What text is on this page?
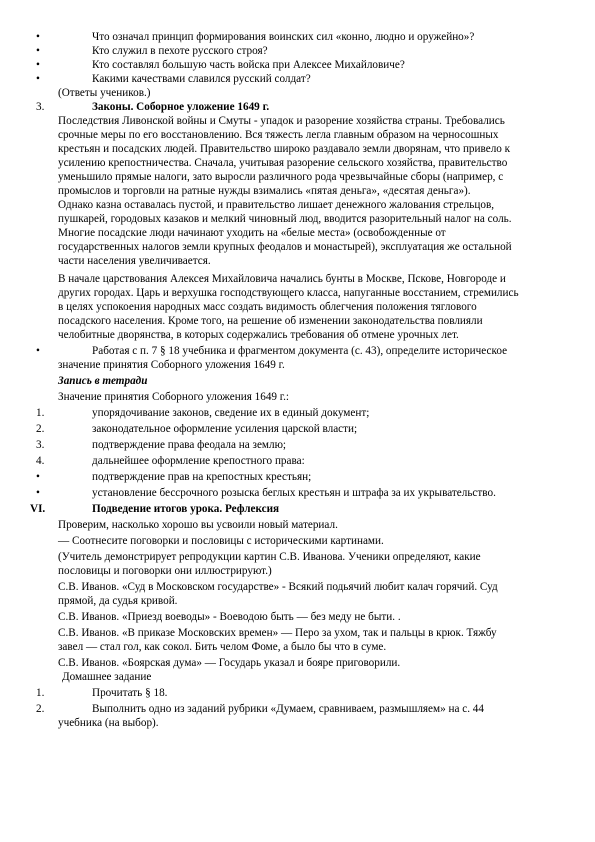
•	Что означал принцип формирования воинских сил «конно, людно и оружейно»?
•	Кто служил в пехоте русского строя?
•	Кто составлял большую часть войска при Алексее Михайловиче?
•	Какими качествами славился русский солдат?
(Ответы учеников.)
3.	Законы. Соборное уложение 1649 г.
Последствия Ливонской войны и Смуты - упадок и разорение хозяйства страны. Требовались
срочные меры по его восстановлению. Вся тяжесть легла главным образом на черносошных
крестьян и посадских людей. Правительство широко раздавало земли дворянам, что привело к
усилению крепостничества. Сначала, учитывая разорение сельского хозяйства, правительство
уменьшило прямые налоги, зато выросли различного рода чрезвычайные сборы (например, с
промыслов и торговли на ратные нужды взимались «пятая деньга», «десятая деньга»).
Однако казна оставалась пустой, и правительство лишает денежного жалования стрельцов,
пушкарей, городовых казаков и мелкий чиновный люд, вводится разорительный налог на соль.
Многие посадские люди начинают уходить на «белые места» (освобожденные от
государственных налогов земли крупных феодалов и монастырей), эксплуатация же остальной
части населения увеличивается.
В начале царствования Алексея Михайловича начались бунты в Москве, Пскове, Новгороде и
других городах. Царь и верхушка господствующего класса, напуганные восстанием, стремились
в целях успокоения народных масс создать видимость облегчения положения тяглового
посадского населения. Кроме того, на решение об изменении законодательства повлияли
челобитные дворянства, в которых содержались требования об отмене урочных лет.
•	Работая с п. 7 § 18 учебника и фрагментом документа (с. 43), определите историческое
значение принятия Соборного уложения 1649 г.
Запись в тетради
Значение принятия Соборного уложения 1649 г.:
1.	упорядочивание законов, сведение их в единый документ;
2.	законодательное оформление усиления царской власти;
3.	подтверждение права феодала на землю;
4.	дальнейшее оформление крепостного права:
•	подтверждение прав на крепостных крестьян;
•	установление бессрочного розыска беглых крестьян и штрафа за их укрывательство.
VI.	Подведение итогов урока. Рефлексия
Проверим, насколько хорошо вы усвоили новый материал.
— Соотнесите поговорки и пословицы с историческими картинами.
(Учитель демонстрирует репродукции картин С.В. Иванова. Ученики определяют, какие
пословицы и поговорки они иллюстрируют.)
С.В. Иванов. «Суд в Московском государстве» - Всякий подьячий любит калач горячий. Суд
прямой, да судья кривой.
С.В. Иванов. «Приезд воеводы» - Воеводою быть — без меду не быти. .
С.В. Иванов. «В приказе Московских времен» — Перо за ухом, так и пальцы в крюк. Тяжбу
завел — стал гол, как сокол. Бить челом Фоме, а было бы что в суме.
С.В. Иванов. «Боярская дума» — Государь указал и бояре приговорили.
Домашнее задание
1.	Прочитать § 18.
2.	Выполнить одно из заданий рубрики «Думаем, сравниваем, размышляем» на с. 44
учебника (на выбор).
